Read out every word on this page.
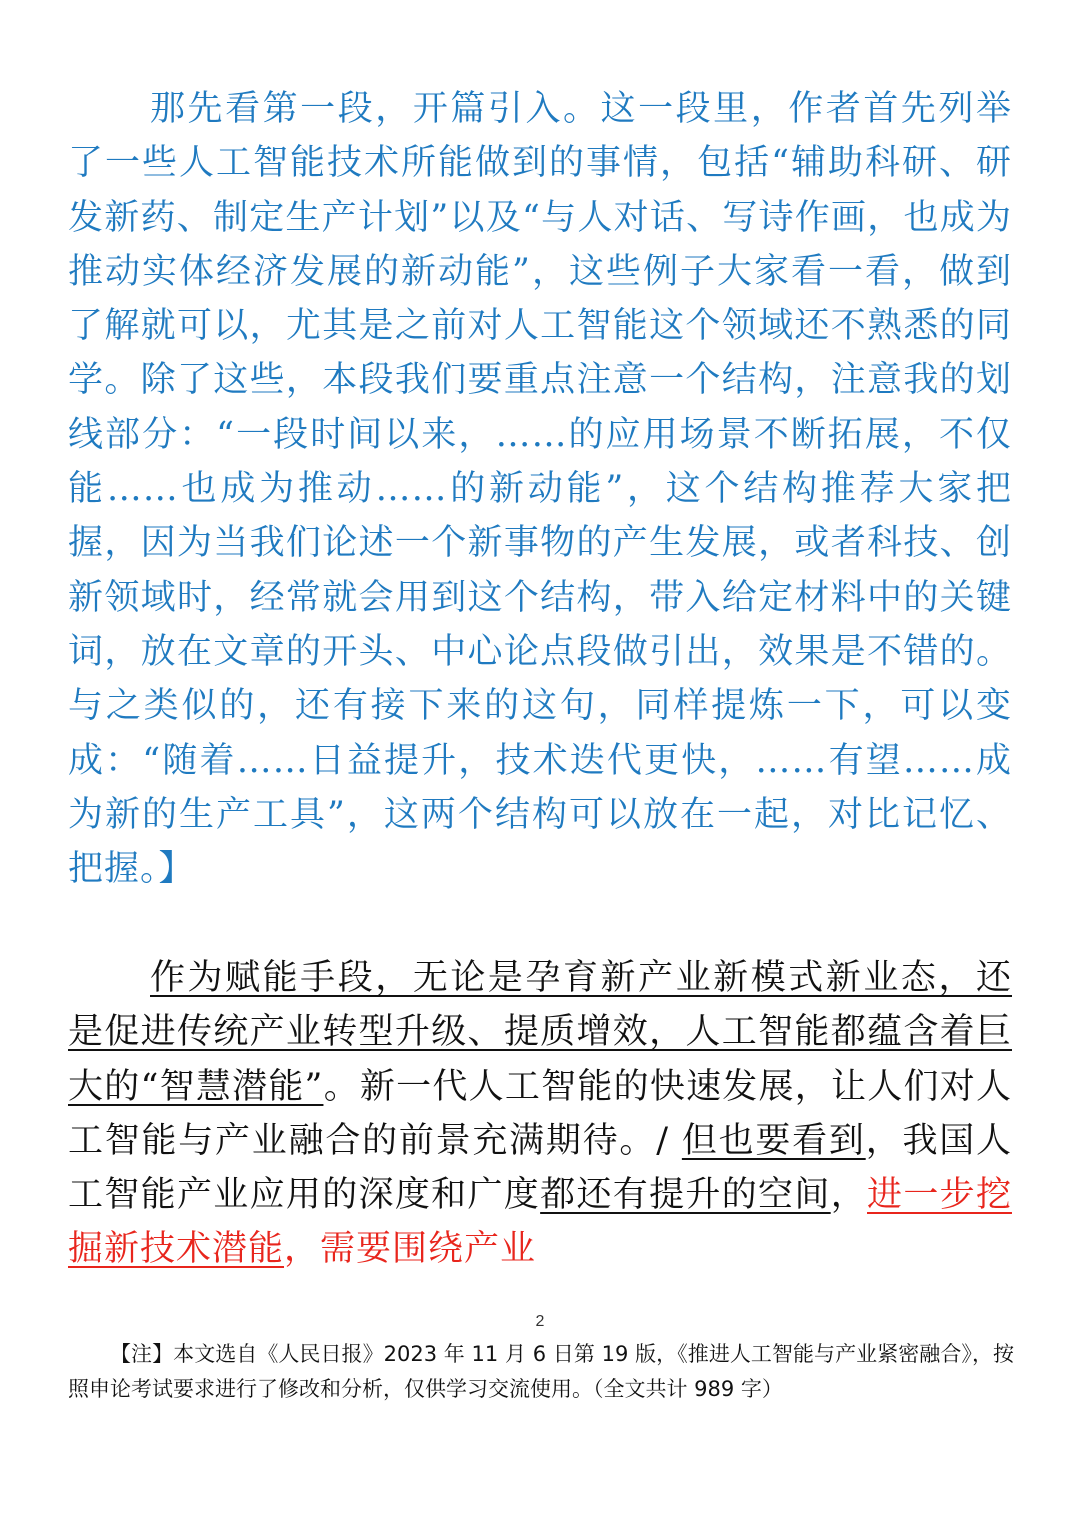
那先看第一段，开篇引入。这一段里，作者首先列举了一些人工智能技术所能做到的事情，包括“辅助科研、研发新药、制定生产计划”以及“与人对话、写诗作画，也成为推动实体经济发展的新动能”，这些例子大家看一看，做到了解就可以，尤其是之前对人工智能这个领域还不熟悉的同学。除了这些，本段我们要重点注意一个结构，注意我的划线部分：“一段时间以来，……的应用场景不断拓展，不仅能……也成为推动……的新动能”，这个结构推荐大家把握，因为当我们论述一个新事物的产生发展，或者科技、创新领域时，经常就会用到这个结构，带入给定材料中的关键词，放在文章的开头、中心论点段做引出，效果是不错的。与之类似的，还有接下来的这句，同样提炼一下，可以变成：“随着……日益提升，技术迭代更快，……有望……成为新的生产工具”，这两个结构可以放在一起，对比记忆、把握。】

作为赋能手段，无论是孕育新产业新模式新业态，还是促进传统产业转型升级、提质增效，人工智能都蕴含着巨大的“智慧潜能”。新一代人工智能的快速发展，让人们对人工智能与产业融合的前景充满期待。/ 但也要看到，我国人工智能产业应用的深度和广度都还有提升的空间，进一步挖掘新技术潜能，需要围绕产业

2

【注】本文选自《人民日报》2023 年 11 月 6 日第 19 版，《推进人工智能与产业紧密融合》，按照申论考试要求进行了修改和分析，仅供学习交流使用。（全文共计 989 字）
